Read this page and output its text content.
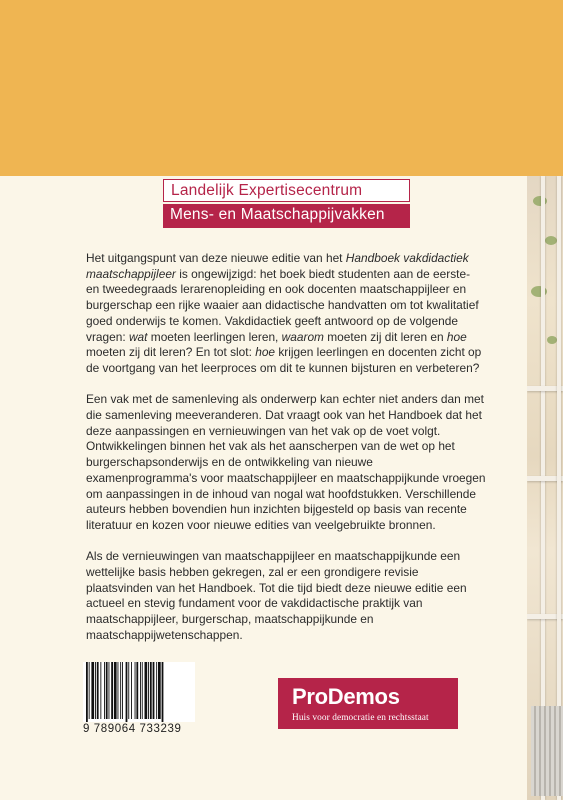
Landelijk Expertisecentrum
Mens- en Maatschappijvakken

Het uitgangspunt van deze nieuwe editie van het Handboek vakdidactiek
maatschappijleer is ongewijzigd: het boek biedt studenten aan de eerste-
en tweedegraads lerarenopleiding en ook docenten maatschappijleer en
burgerschap een rijke waaier aan didactische handvatten om tot kwalitatief
goed onderwijs te komen. Vakdidactiek geeft antwoord op de volgende
vragen: wat moeten leerlingen leren, waarom moeten zij dit leren en hoe
moeten zij dit leren? En tot slot: hoe krijgen leerlingen en docenten zicht op
de voortgang van het leerproces om dit te kunnen bijsturen en verbeteren?

Een vak met de samenleving als onderwerp kan echter niet anders dan met die samenleving meeveranderen. Dat vraagt ook van het Handboek dat het deze aanpassingen en vernieuwingen van het vak op de voet volgt. Ontwikkelingen binnen het vak als het aanscherpen van de wet op het burgerschapsonderwijs en de ontwikkeling van nieuwe examenprogramma's voor maatschappijleer en maatschappijkunde vroegen om aanpassingen in de inhoud van nogal wat hoofdstukken. Verschillende auteurs hebben bovendien hun inzichten bijgesteld op basis van recente literatuur en kozen voor nieuwe edities van veelgebruikte bronnen.

Als de vernieuwingen van maatschappijleer en maatschappijkunde een wettelijke basis hebben gekregen, zal er een grondigere revisie plaatsvinden van het Handboek. Tot die tijd biedt deze nieuwe editie een actueel en stevig fundament voor de vakdidactische praktijk van maatschappijleer, burgerschap, maatschappijkunde en maatschappijwetenschappen.

9 789064 733239
ProDemos
Huis voor democratie en rechtsstaat
